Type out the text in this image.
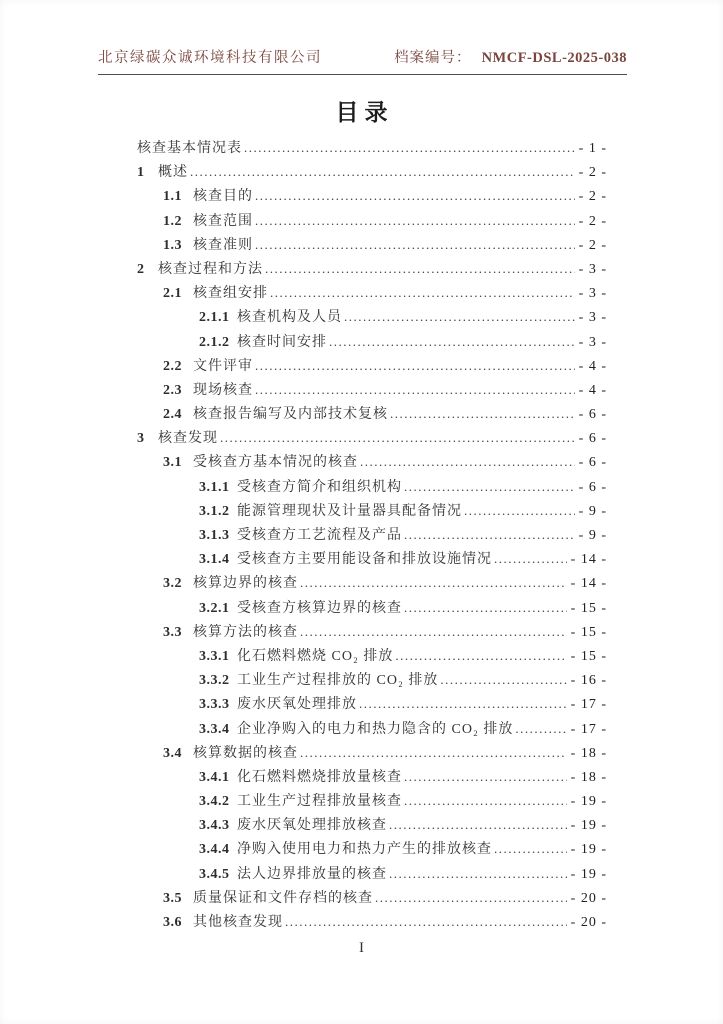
北京绿碳众诚环境科技有限公司	档案编号： NMCF-DSL-2025-038
目录
核查基本情况表 .....	- 1 -
1 概述 .....	- 2 -
1.1 核查目的 .....	- 2 -
1.2 核查范围 .....	- 2 -
1.3 核查准则 .....	- 2 -
2 核查过程和方法 .....	- 3 -
2.1 核查组安排 .....	- 3 -
2.1.1 核查机构及人员 .....	- 3 -
2.1.2 核查时间安排 .....	- 3 -
2.2 文件评审 .....	- 4 -
2.3 现场核查 .....	- 4 -
2.4 核查报告编写及内部技术复核 .....	- 6 -
3 核查发现 .....	- 6 -
3.1 受核查方基本情况的核查 .....	- 6 -
3.1.1 受核查方简介和组织机构 .....	- 6 -
3.1.2 能源管理现状及计量器具配备情况 .....	- 9 -
3.1.3 受核查方工艺流程及产品 .....	- 9 -
3.1.4 受核查方主要用能设备和排放设施情况 .....	- 14 -
3.2 核算边界的核查 .....	- 14 -
3.2.1 受核查方核算边界的核查 .....	- 15 -
3.3 核算方法的核查 .....	- 15 -
3.3.1 化石燃料燃烧 CO₂ 排放 .....	- 15 -
3.3.2 工业生产过程排放的 CO₂ 排放 .....	- 16 -
3.3.3 废水厌氧处理排放 .....	- 17 -
3.3.4 企业净购入的电力和热力隐含的 CO₂ 排放 .....	- 17 -
3.4 核算数据的核查 .....	- 18 -
3.4.1 化石燃料燃烧排放量核查 .....	- 18 -
3.4.2 工业生产过程排放量核查 .....	- 19 -
3.4.3 废水厌氧处理排放核查 .....	- 19 -
3.4.4 净购入使用电力和热力产生的排放核查 .....	- 19 -
3.4.5 法人边界排放量的核查 .....	- 19 -
3.5 质量保证和文件存档的核查 .....	- 20 -
3.6 其他核查发现 .....	- 20 -
I
